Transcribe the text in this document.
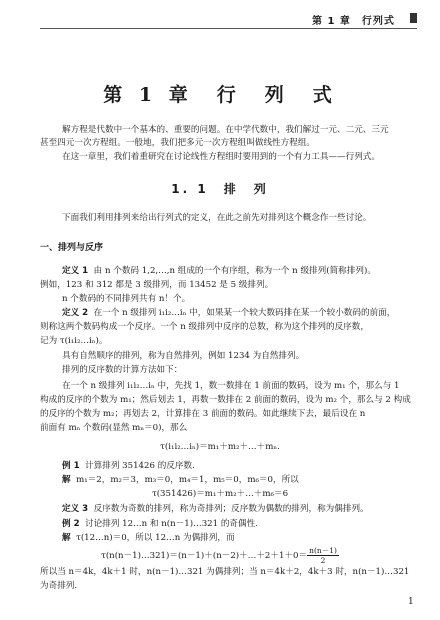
第 1 章　行列式
第 1 章　行　列　式
解方程是代数中一个基本的、重要的问题。在中学代数中，我们解过一元、二元、三元
甚至四元一次方程组。一般地，我们把多元一次方程组叫做线性方程组。
在这一章里，我们着重研究在讨论线性方程组时要用到的一个有力工具——行列式。
1. 1　排　列
下面我们利用排列来给出行列式的定义，在此之前先对排列这个概念作一些讨论。
一、排列与反序
定义 1 由 n 个数码 1,2,…,n 组成的一个有序组，称为一个 n 级排列(简称排列)。
例如，123 和 312 都是 3 级排列，而 13452 是 5 级排列。
n 个数码的不同排列共有 n！个。
定义 2 在一个 n 级排列 i₁i₂…iₙ 中，如果某一个较大数码排在某一个较小数码的前面，
则称这两个数码构成一个反序。一个 n 级排列中反序的总数，称为这个排列的反序数，
记为 τ(i₁i₂…iₙ)。
具有自然顺序的排列，称为自然排列，例如 1234 为自然排列。
排列的反序数的计算方法如下：
在一个 n 级排列 i₁i₂…iₙ 中，先找 1，数一数排在 1 前面的数码，设为 m₁ 个，那么与 1
构成的反序的个数为 m₁；然后划去 1，再数一数排在 2 前面的数码，设为 m₂ 个，那么与 2 构成
的反序的个数为 m₂；再划去 2，计算排在 3 前面的数码。如此继续下去，最后设在 n
前面有 mₙ 个数码(显然 mₙ＝0)，那么
τ(i₁i₂…iₙ)＝m₁＋m₂＋…＋mₙ.
例 1 计算排列 351426 的反序数.
解 m₁＝2，m₂＝3，m₃＝0，m₄＝1，m₅＝0，m₆＝0，所以
τ(351426)＝m₁＋m₂＋…＋m₆＝6
定义 3 反序数为奇数的排列，称为奇排列；反序数为偶数的排列，称为偶排列。
例 2 讨论排列 12…n 和 n(n－1)…321 的奇偶性.
解 τ(12…n)＝0，所以 12…n 为偶排列，而
τ(n(n－1)…321)＝(n－1)＋(n－2)＋…＋2＋1＋0＝ $\frac{n(n-1)}{2}$
所以当 n＝4k，4k＋1 时，n(n－1)…321 为偶排列；当 n＝4k＋2，4k＋3 时，n(n－1)…321
为奇排列.
1
